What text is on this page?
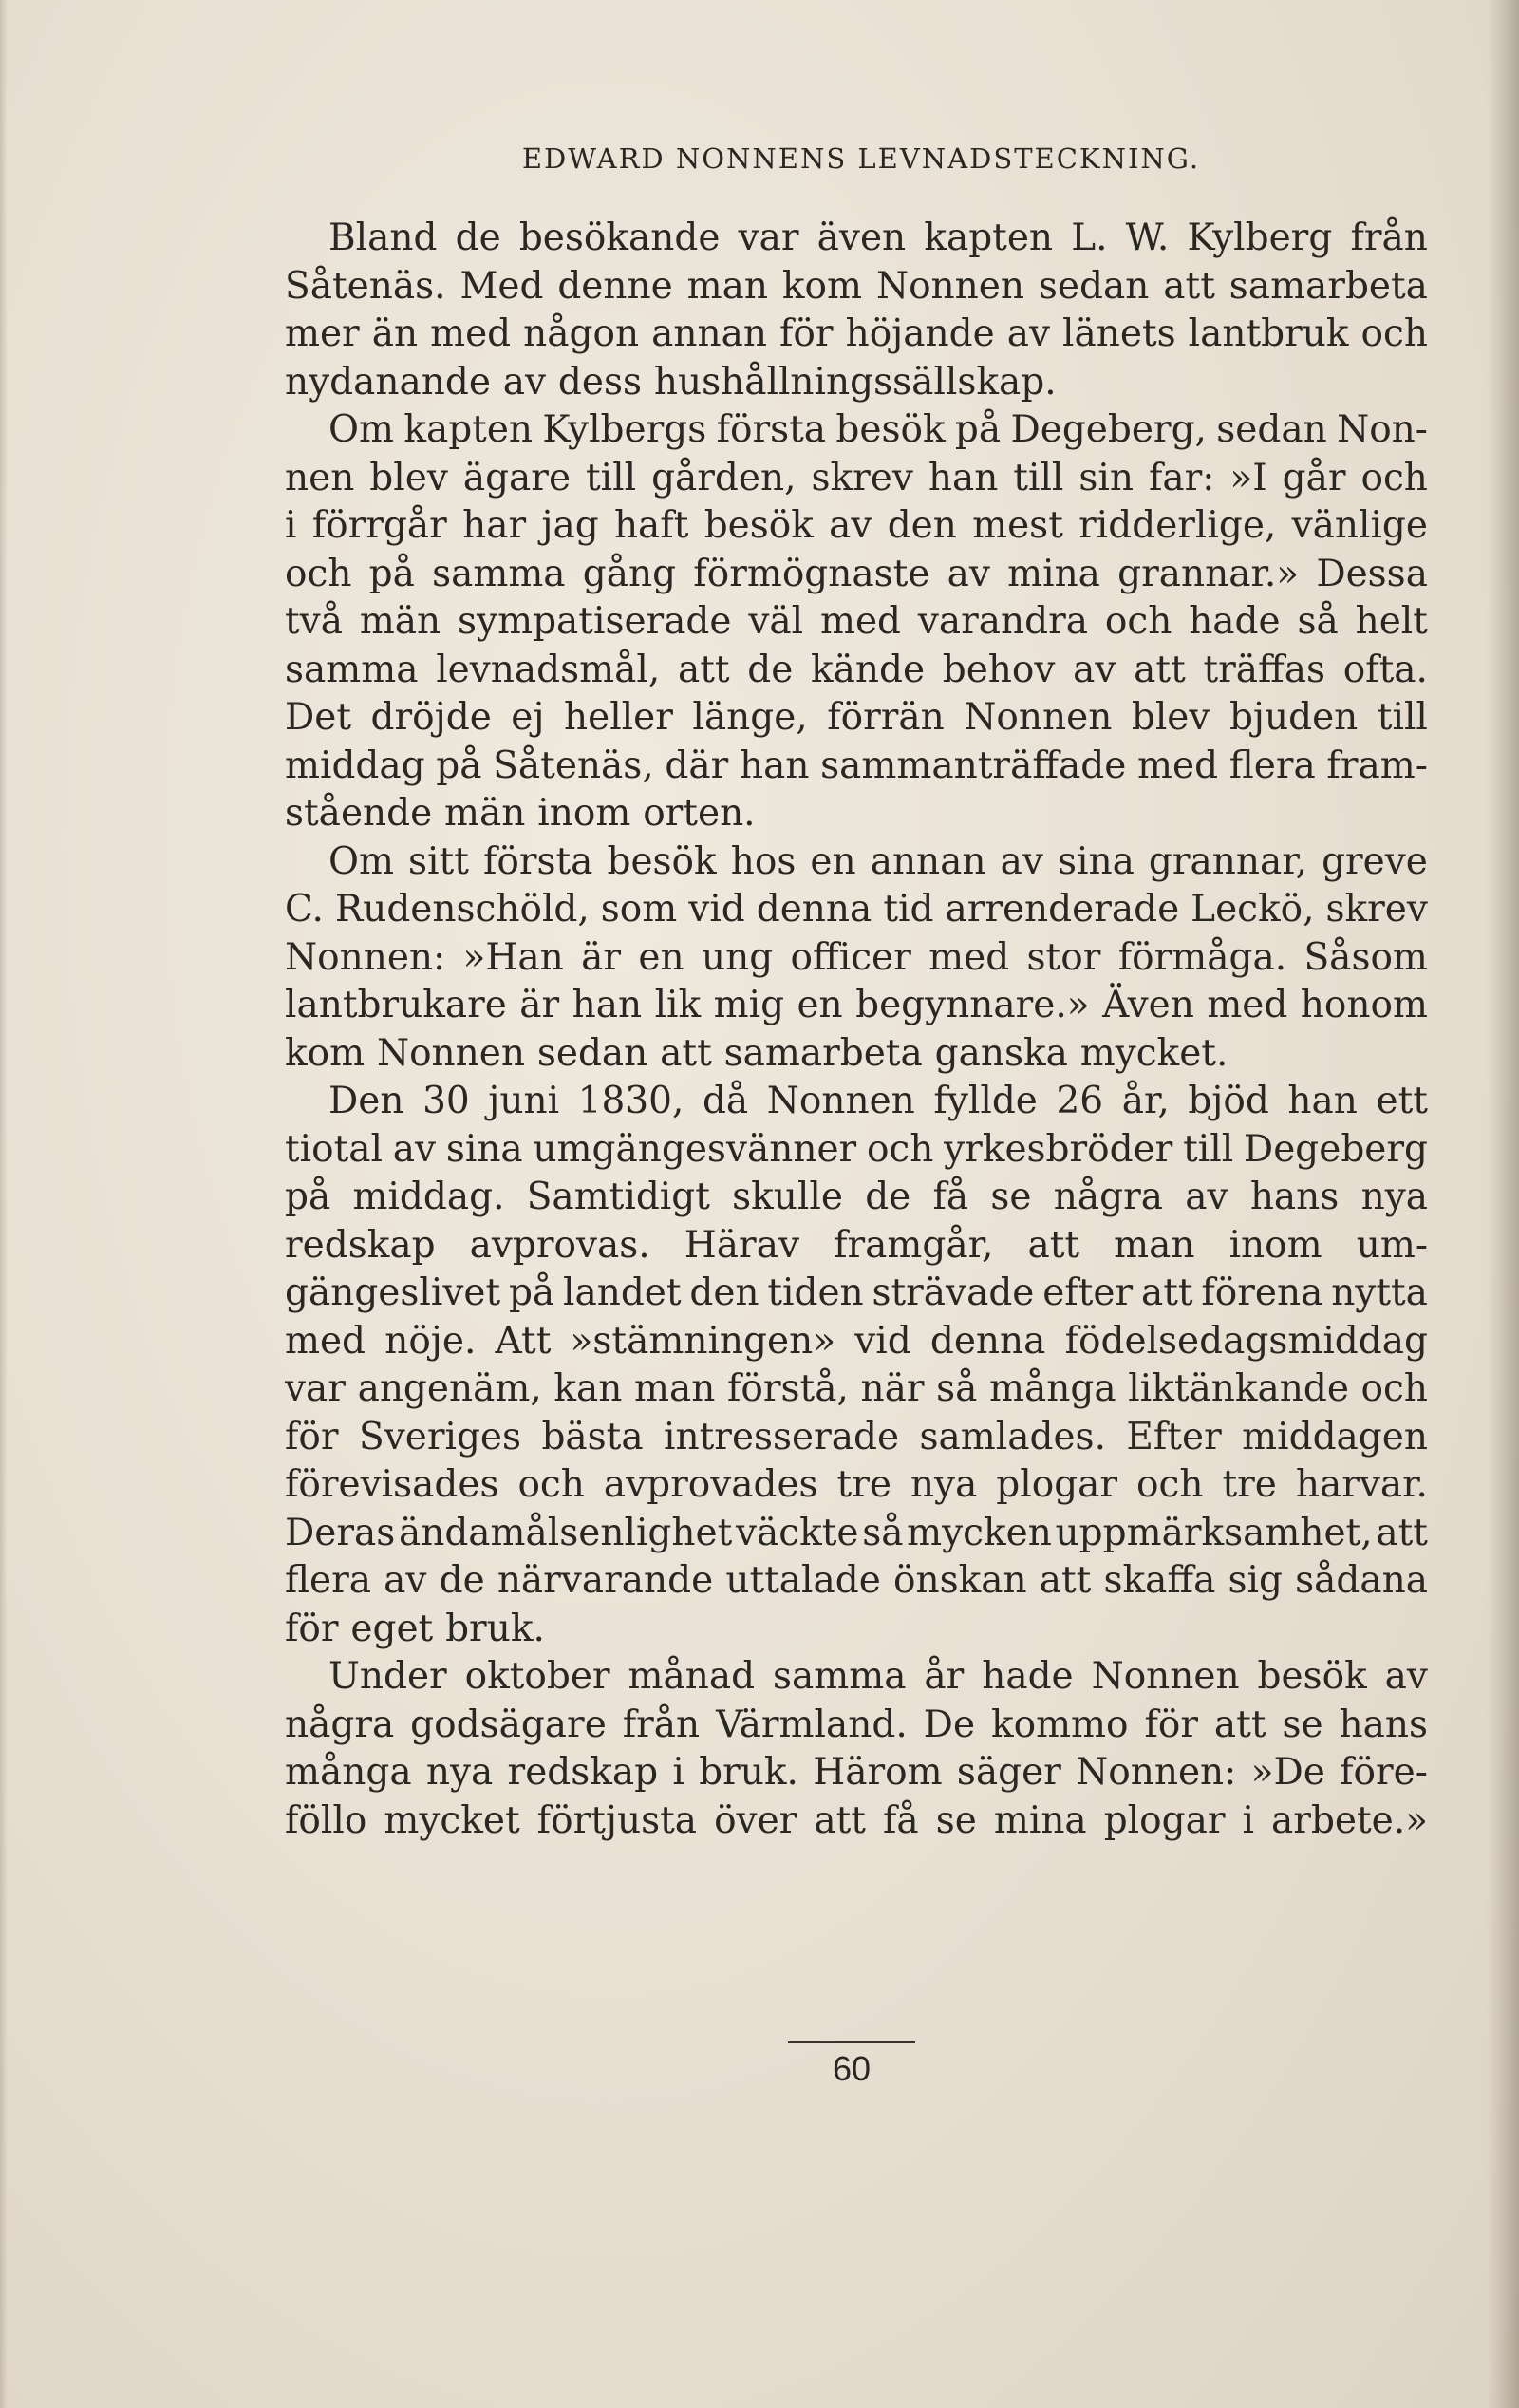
EDWARD NONNENS LEVNADSTECKNING.
Bland de besökande var även kapten L. W. Kylberg från
Såtenäs. Med denne man kom Nonnen sedan att samarbeta
mer än med någon annan för höjande av länets lantbruk och
nydanande av dess hushållningssällskap.
Om kapten Kylbergs första besök på Degeberg, sedan Non-
nen blev ägare till gården, skrev han till sin far: »I går och
i förrgår har jag haft besök av den mest ridderlige, vänlige
och på samma gång förmögnaste av mina grannar.» Dessa
två män sympatiserade väl med varandra och hade så helt
samma levnadsmål, att de kände behov av att träffas ofta.
Det dröjde ej heller länge, förrän Nonnen blev bjuden till
middag på Såtenäs, där han sammanträffade med flera fram-
stående män inom orten.
Om sitt första besök hos en annan av sina grannar, greve
C. Rudenschöld, som vid denna tid arrenderade Leckö, skrev
Nonnen: »Han är en ung officer med stor förmåga. Såsom
lantbrukare är han lik mig en begynnare.» Även med honom
kom Nonnen sedan att samarbeta ganska mycket.
Den 30 juni 1830, då Nonnen fyllde 26 år, bjöd han ett
tiotal av sina umgängesvänner och yrkesbröder till Degeberg
på middag. Samtidigt skulle de få se några av hans nya
redskap avprovas. Härav framgår, att man inom um-
gängeslivet på landet den tiden strävade efter att förena nytta
med nöje. Att »stämningen» vid denna födelsedagsmiddag
var angenäm, kan man förstå, när så många liktänkande och
för Sveriges bästa intresserade samlades. Efter middagen
förevisades och avprovades tre nya plogar och tre harvar.
Deras ändamålsenlighet väckte så mycken uppmärksamhet, att
flera av de närvarande uttalade önskan att skaffa sig sådana
för eget bruk.
Under oktober månad samma år hade Nonnen besök av
några godsägare från Värmland. De kommo för att se hans
många nya redskap i bruk. Härom säger Nonnen: »De före-
föllo mycket förtjusta över att få se mina plogar i arbete.»
60
